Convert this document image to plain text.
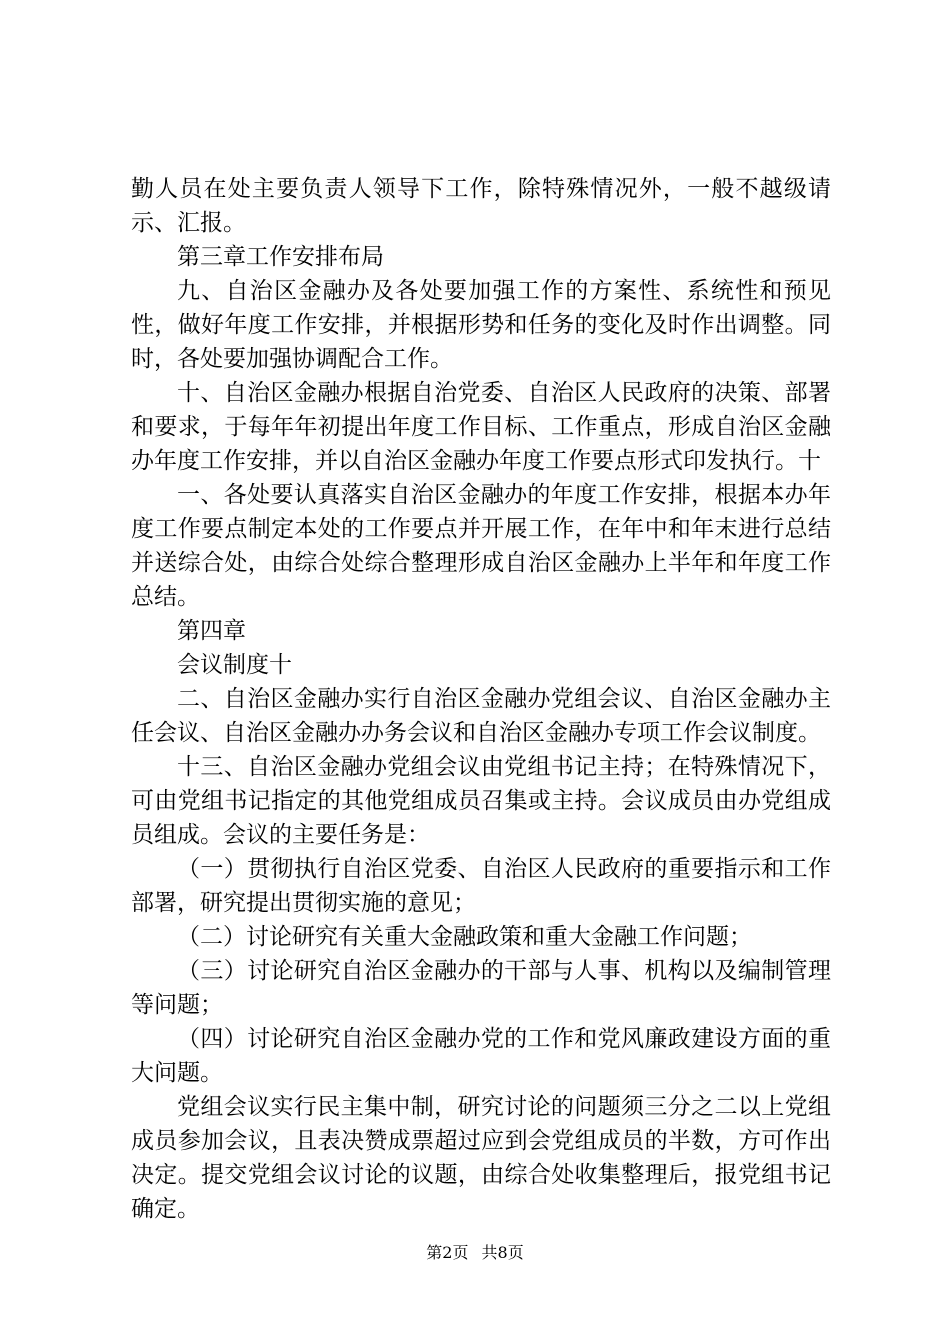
勤人员在处主要负责人领导下工作，除特殊情况外，一般不越级请示、汇报。

第三章工作安排布局

九、自治区金融办及各处要加强工作的方案性、系统性和预见性，做好年度工作安排，并根据形势和任务的变化及时作出调整。同时，各处要加强协调配合工作。

十、自治区金融办根据自治党委、自治区人民政府的决策、部署和要求，于每年年初提出年度工作目标、工作重点，形成自治区金融办年度工作安排，并以自治区金融办年度工作要点形式印发执行。十

一、各处要认真落实自治区金融办的年度工作安排，根据本办年度工作要点制定本处的工作要点并开展工作，在年中和年末进行总结并送综合处，由综合处综合整理形成自治区金融办上半年和年度工作总结。

第四章

会议制度十

二、自治区金融办实行自治区金融办党组会议、自治区金融办主任会议、自治区金融办办务会议和自治区金融办专项工作会议制度。

十三、自治区金融办党组会议由党组书记主持；在特殊情况下，可由党组书记指定的其他党组成员召集或主持。会议成员由办党组成员组成。会议的主要任务是：

（一）贯彻执行自治区党委、自治区人民政府的重要指示和工作部署，研究提出贯彻实施的意见；

（二）讨论研究有关重大金融政策和重大金融工作问题；

（三）讨论研究自治区金融办的干部与人事、机构以及编制管理等问题；

（四）讨论研究自治区金融办党的工作和党风廉政建设方面的重大问题。

党组会议实行民主集中制，研究讨论的问题须三分之二以上党组成员参加会议，且表决赞成票超过应到会党组成员的半数，方可作出决定。提交党组会议讨论的议题，由综合处收集整理后，报党组书记确定。

第2页 共8页
